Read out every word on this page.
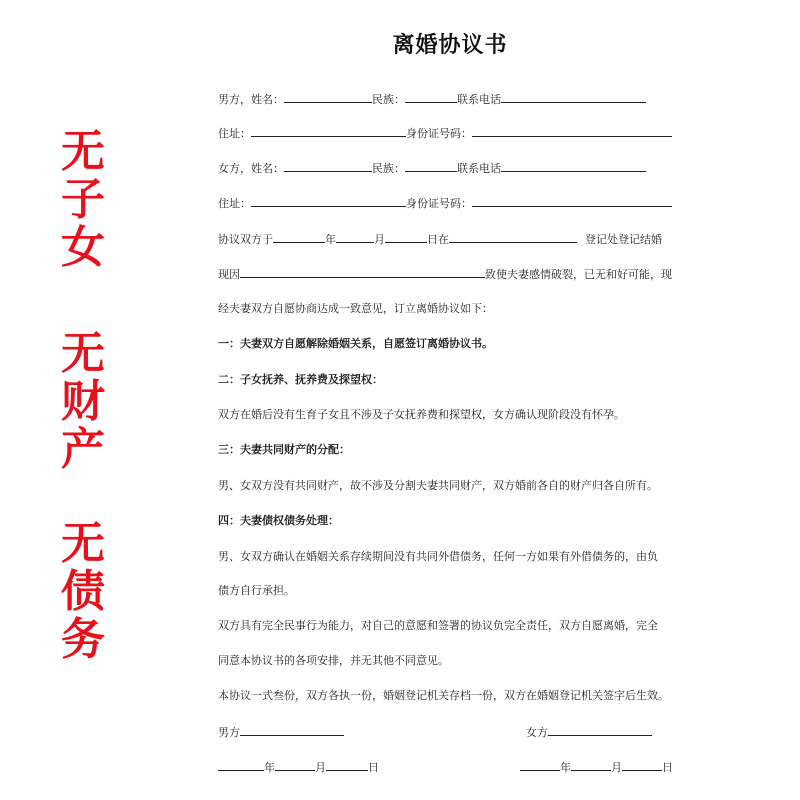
无
子
女
无
财
产
无
债
务
离婚协议书
男方，姓名：	民族：	联系电话
住址：	身份证号码：
女方，姓名：	民族：	联系电话
住址：	身份证号码：
协议双方于	年	月	日在	登记处登记结婚
现因	致使夫妻感情破裂，已无和好可能，现
经夫妻双方自愿协商达成一致意见，订立离婚协议如下：
一：夫妻双方自愿解除婚姻关系，自愿签订离婚协议书。
二：子女抚养、抚养费及探望权：
双方在婚后没有生育子女且不涉及子女抚养费和探望权，女方确认现阶段没有怀孕。
三：夫妻共同财产的分配：
男、女双方没有共同财产，故不涉及分割夫妻共同财产，双方婚前各自的财产归各自所有。
四：夫妻债权债务处理：
男、女双方确认在婚姻关系存续期间没有共同外借债务，任何一方如果有外借债务的，由负
债方自行承担。
双方具有完全民事行为能力，对自己的意愿和签署的协议负完全责任，双方自愿离婚，完全
同意本协议书的各项安排，并无其他不同意见。
本协议一式叁份，双方各执一份，婚姻登记机关存档一份，双方在婚姻登记机关签字后生效。
男方	女方
年	月	日	年	月	日
